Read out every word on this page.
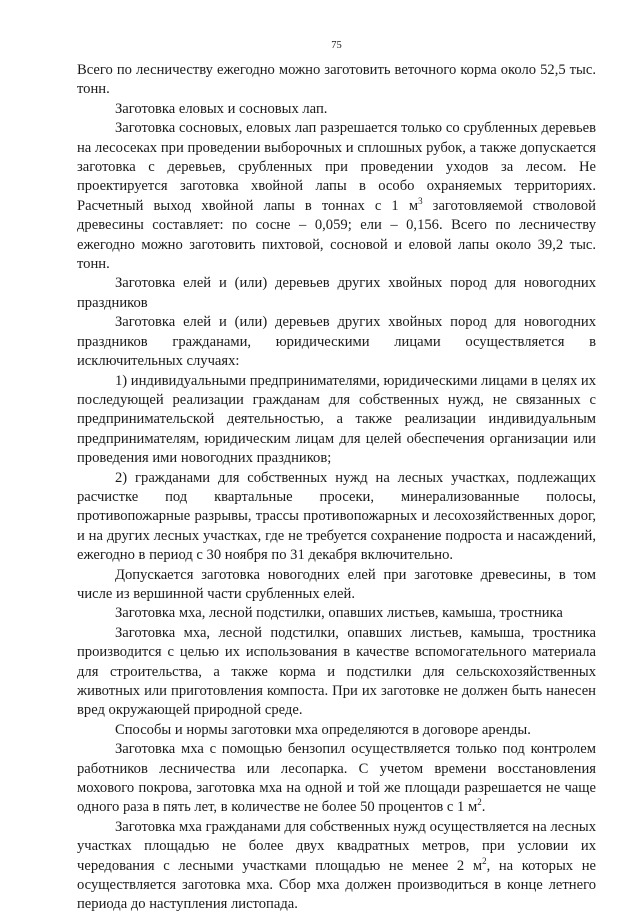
75

Всего по лесничеству ежегодно можно заготовить веточного корма около 52,5 тыс. тонн.

Заготовка еловых и сосновых лап.

Заготовка сосновых, еловых лап разрешается только со срубленных деревьев на лесосеках при проведении выборочных и сплошных рубок, а также допускается заготовка с деревьев, срубленных при проведении уходов за лесом. Не проектируется заготовка хвойной лапы в особо охраняемых территориях. Расчетный выход хвойной лапы в тоннах с 1 $м^3$ заготовляемой стволовой древесины составляет: по сосне – 0,059; ели – 0,156. Всего по лесничеству ежегодно можно заготовить пихтовой, сосновой и еловой лапы около 39,2 тыс. тонн.

Заготовка елей и (или) деревьев других хвойных пород для новогодних праздников

Заготовка елей и (или) деревьев других хвойных пород для новогодних праздников гражданами, юридическими лицами осуществляется в исключительных случаях:

1) индивидуальными предпринимателями, юридическими лицами в целях их последующей реализации гражданам для собственных нужд, не связанных с предпринимательской деятельностью, а также реализации индивидуальным предпринимателям, юридическим лицам для целей обеспечения организации или проведения ими новогодних праздников;

2) гражданами для собственных нужд на лесных участках, подлежащих расчистке под квартальные просеки, минерализованные полосы, противопожарные разрывы, трассы противопожарных и лесохозяйственных дорог, и на других лесных участках, где не требуется сохранение подроста и насаждений, ежегодно в период с 30 ноября по 31 декабря включительно.

Допускается заготовка новогодних елей при заготовке древесины, в том числе из вершинной части срубленных елей.

Заготовка мха, лесной подстилки, опавших листьев, камыша, тростника

Заготовка мха, лесной подстилки, опавших листьев, камыша, тростника производится с целью их использования в качестве вспомогательного материала для строительства, а также корма и подстилки для сельскохозяйственных животных или приготовления компоста. При их заготовке не должен быть нанесен вред окружающей природной среде.

Способы и нормы заготовки мха определяются в договоре аренды.

Заготовка мха с помощью бензопил осуществляется только под контролем работников лесничества или лесопарка. С учетом времени восстановления мохового покрова, заготовка мха на одной и той же площади разрешается не чаще одного раза в пять лет, в количестве не более 50 процентов с 1 $м^2$.

Заготовка мха гражданами для собственных нужд осуществляется на лесных участках площадью не более двух квадратных метров, при условии их чередования с лесными участками площадью не менее 2 $м^2$, на которых не осуществляется заготовка мха. Сбор мха должен производиться в конце летнего периода до наступления листопада.
